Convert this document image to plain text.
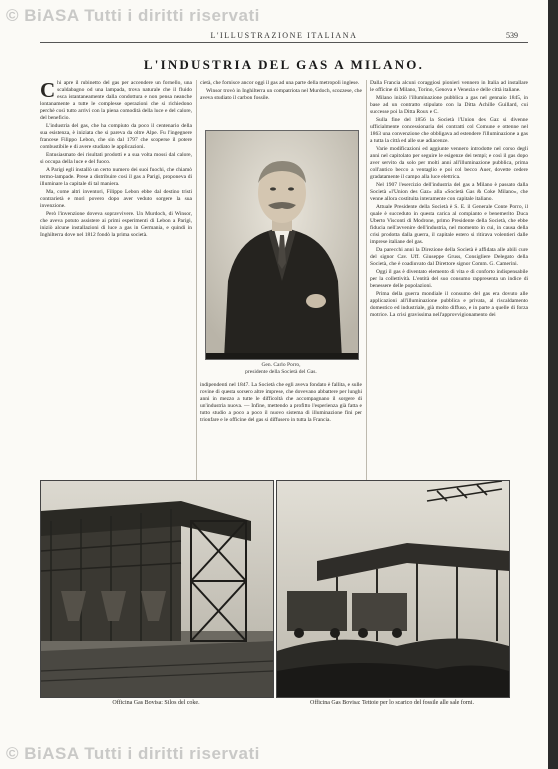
© BiASA Tutti i diritti riservati
L'ILLUSTRAZIONE ITALIANA	539
L'INDUSTRIA DEL GAS A MILANO.

Chi apre il rubinetto del gas per accendere un fornello, una scaldabagno od una lampada, trova naturale che il fluido esca istantaneamente dalla condottura e non pensa neanche lontanamente a tutte le complesse operazioni che si richiedono perchè così tutto arrivi con la piena comodità della luce e del calore, del beneficio.

L'industria del gas, che ha compiuto da poco il centenario della sua esistenza, è iniziata che si pareva da oltre Alpe. Fu l'ingegnere francese Filippo Lebon, che sin dal 1797 che scoperse il potere combustibile e di avere studiato le applicazioni.

Entusiasmato dei risultati prodotti e a sua volta mossi dal calore, si occupa della luce e del fuoco.

A Parigi egli installò un certo numero dei suoi fuochi, che chiamò termo-lampade. Prese a distribuire così il gas a Parigi, proponeva di illuminare la capitale di tal maniera.

Ma, come altri inventori, Filippo Lebon ebbe dal destino tristi contrarietà e morì povero dopo aver veduto sorgere la sua invenzione.

Però l'invenzione doveva sopravvivere. Un Murdoch, di Winsor, che aveva potuto assistere ai primi esperimenti di Lebon a Parigi, iniziò alcune installazioni di luce a gas in Germania, e quindi in Inghilterra dove nel 1812 fondò la prima società.

cietà, che fornisce ancor oggi il gas ad una parte della metropoli inglese.

Winsor trovò in Inghilterra un compatriota nel Murdoch, scozzese, che aveva studiato il carbon fossile.

Gen. Carlo Porro,
presidente della Società del Gas.

indipendenti nel 1847. La Società che egli aveva fondato è fallita, e sulle rovine di questa sorsero altre imprese, che dovevano abbattere per lunghi anni in mezzo a tutte le difficoltà che accompagnano il sorgere di un'industria nuova. — Infine, mettendo a profitto l'esperienza già fatta e tutto studio a poco a poco il nuovo sistema di illuminazione fini per trionfare e le officine del gas si diffusero in tutta la Francia.

Dalla Francia alcuni coraggiosi pionieri vennero in Italia ad installare le officine di Milano, Torino, Genova e Venezia e delle città italiane.

Milano iniziò l'illuminazione pubblica a gas nel gennaio 1845, in base ad un contratto stipulato con la Ditta Achille Guillard, cui successe poi la Ditta Roux e C.

Sulla fine del 1856 la Società l'Union des Gaz si divenne ufficialmente concessionaria dei contratti col Comune e ottenne nel 1863 una convenzione che obbligava ad estendere l'illuminazione a gas a tutta la città ed alle sue adiacenze.

Varie modificazioni ed aggiunte vennero introdotte nel corso degli anni nel capitolato per seguire le esigenze dei tempi; e così il gas dopo aver servito da solo per molti anni all'illuminazione pubblica, prima coll'antico becco a ventaglio e poi col becco Auer, dovette cedere gradatamente il campo alla luce elettrica.

Nel 1907 l'esercizio dell'industria del gas a Milano è passato dalla Società «l'Union des Gaz» alla «Società Gas & Coke Milano», che venne allora costituita interamente con capitale italiano.

Attuale Presidente della Società è S. E. il Generale Conte Porro, il quale è succeduto in questa carica al compianto e benemerito Duca Uberto Visconti di Modrone, primo Presidente della Società, che ebbe fiducia nell'avvenire dell'industria, nel momento in cui, in causa della crisi prodotta dalla guerra, il capitale estero si ritirava volentieri dalle imprese italiane del gas.

Da parecchi anni la Direzione della Società è affidata alle abili cure del signor Cav. Uff. Giuseppe Gruss, Consigliere Delegato della Società, che è coadiuvato dal Direttore signor Comm. G. Camerini.

Oggi il gas è diventato elemento di vita e di conforto indispensabile per la collettività. L'entità del suo consumo rappresenta un indice di benessere delle popolazioni.

Prima della guerra mondiale il consumo del gas era dovuto alle applicazioni all'illuminazione pubblica e privata, al riscaldamento domestico ed industriale, già molto diffuso, e in parte a quelle di forza motrice. La crisi gravissima nell'approvvigionamento dei

Officina Gas Bovisa: Silos del coke.	Officina Gas Bovisa: Tettoie per lo scarico del fossile alle sale forni.
© BiASA Tutti i diritti riservati
